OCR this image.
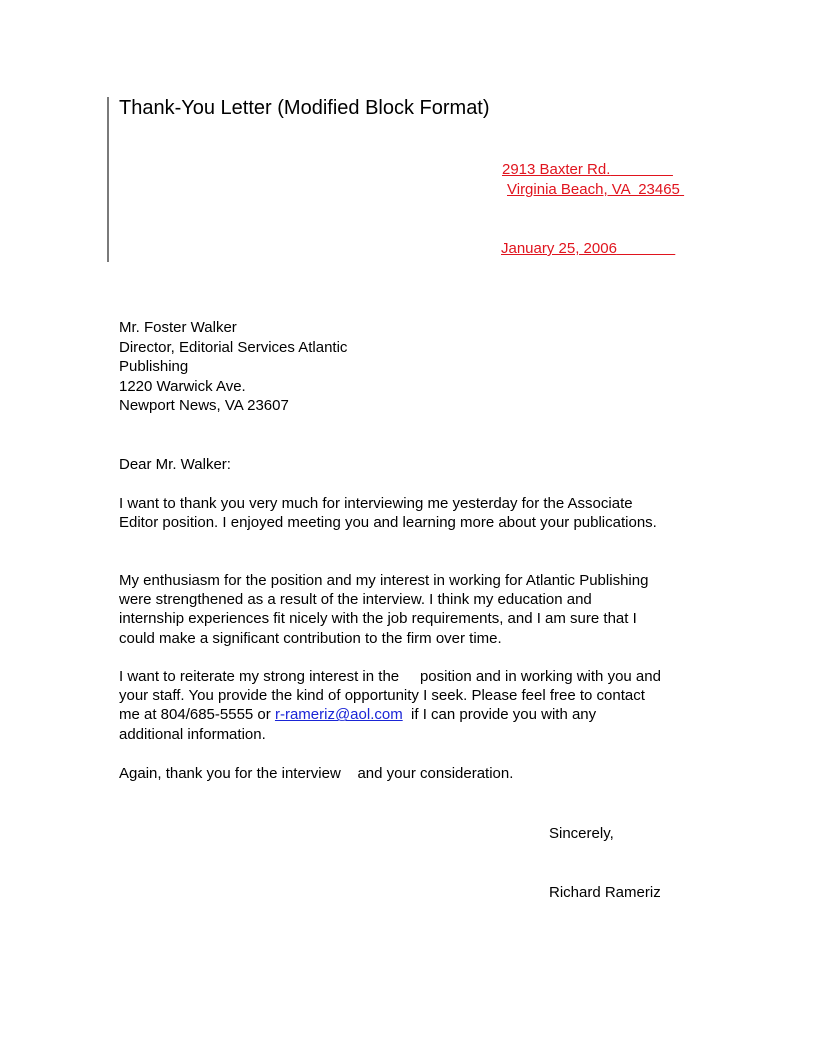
Thank-You Letter (Modified Block Format)
2913 Baxter Rd.
Virginia Beach, VA  23465
January 25, 2006
Mr. Foster Walker
Director, Editorial Services Atlantic
Publishing
1220 Warwick Ave.
Newport News, VA 23607
Dear Mr. Walker:
I want to thank you very much for interviewing me yesterday for the Associate
Editor position. I enjoyed meeting you and learning more about your publications.
My enthusiasm for the position and my interest in working for Atlantic Publishing
were strengthened as a result of the interview. I think my education and
internship experiences fit nicely with the job requirements, and I am sure that I
could make a significant contribution to the firm over time.
I want to reiterate my strong interest in the     position and in working with you and
your staff. You provide the kind of opportunity I seek. Please feel free to contact
me at 804/685-5555 or r-rameriz@aol.com  if I can provide you with any
additional information.
Again, thank you for the interview    and your consideration.
Sincerely,
Richard Rameriz
